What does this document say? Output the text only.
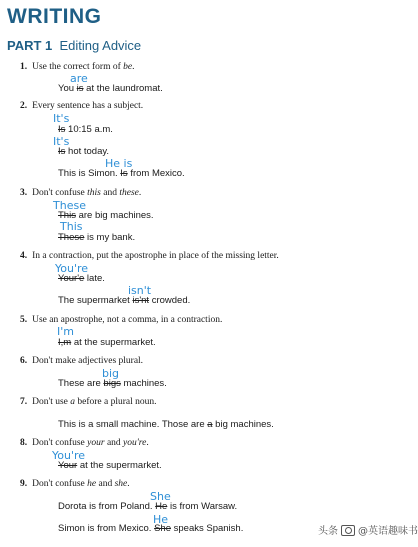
WRITING
PART 1 Editing Advice
1. Use the correct form of be.
are
You is at the laundromat.
2. Every sentence has a subject.
It's
Is 10:15 a.m.
It's
Is hot today.
He is
This is Simon. Is from Mexico.
3. Don't confuse this and these.
These
This are big machines.
This
These is my bank.
4. In a contraction, put the apostrophe in place of the missing letter.
You're
Your'e late.
isn't
The supermarket is'nt crowded.
5. Use an apostrophe, not a comma, in a contraction.
I'm
I,m at the supermarket.
6. Don't make adjectives plural.
big
These are bigs machines.
7. Don't use a before a plural noun.
This is a small machine. Those are a big machines.
8. Don't confuse your and you're.
You're
Your at the supermarket.
9. Don't confuse he and she.
She
Dorota is from Poland. He is from Warsaw.
He
Simon is from Mexico. She speaks Spanish.	头条 @英语趣味书
